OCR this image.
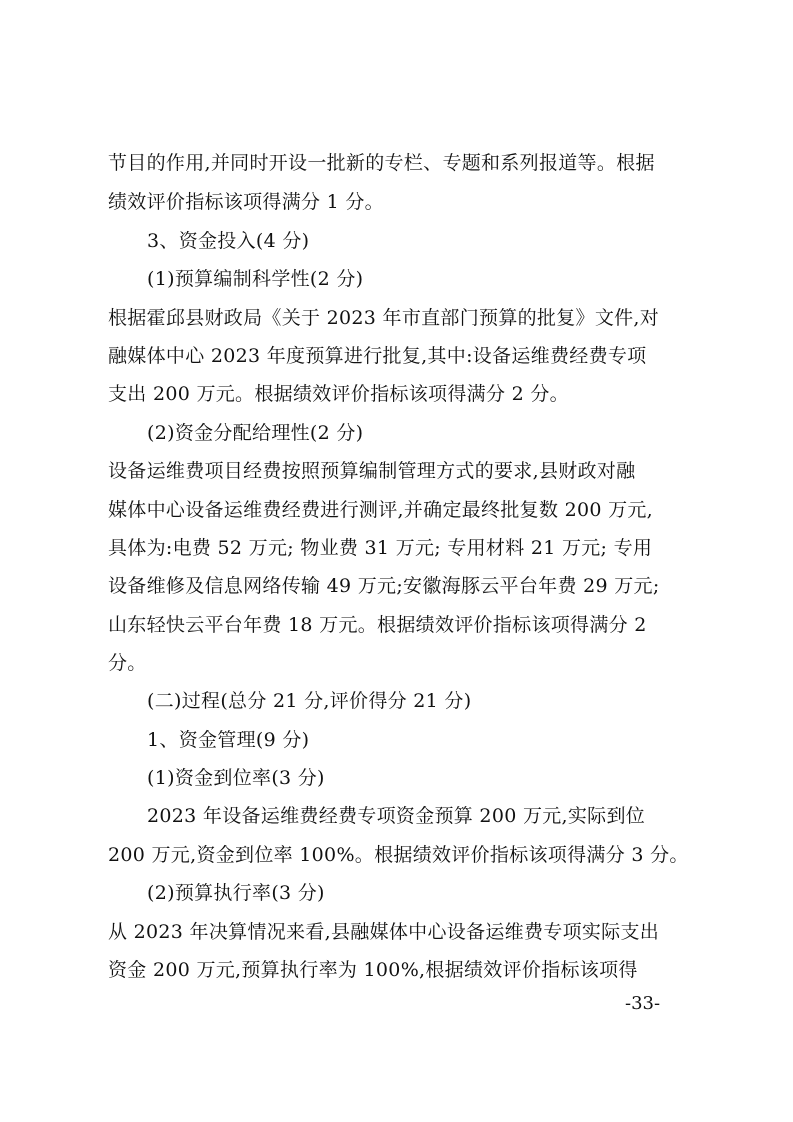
节目的作用,并同时开设一批新的专栏、专题和系列报道等。根据
绩效评价指标该项得满分 1 分。
3、资金投入(4 分)
(1)预算编制科学性(2 分)
根据霍邱县财政局《关于 2023 年市直部门预算的批复》文件,对
融媒体中心 2023 年度预算进行批复,其中:设备运维费经费专项
支出 200 万元。根据绩效评价指标该项得满分 2 分。
(2)资金分配给理性(2 分)
设备运维费项目经费按照预算编制管理方式的要求,县财政对融
媒体中心设备运维费经费进行测评,并确定最终批复数 200 万元,
具体为:电费 52 万元; 物业费 31 万元; 专用材料 21 万元; 专用
设备维修及信息网络传输 49 万元;安徽海豚云平台年费 29 万元;
山东轻快云平台年费 18 万元。根据绩效评价指标该项得满分 2
分。
(二)过程(总分 21 分,评价得分 21 分)
1、资金管理(9 分)
(1)资金到位率(3 分)
2023 年设备运维费经费专项资金预算 200 万元,实际到位
200 万元,资金到位率 100%。根据绩效评价指标该项得满分 3 分。
(2)预算执行率(3 分)
从 2023 年决算情况来看,县融媒体中心设备运维费专项实际支出
资金 200 万元,预算执行率为 100%,根据绩效评价指标该项得
-33-
